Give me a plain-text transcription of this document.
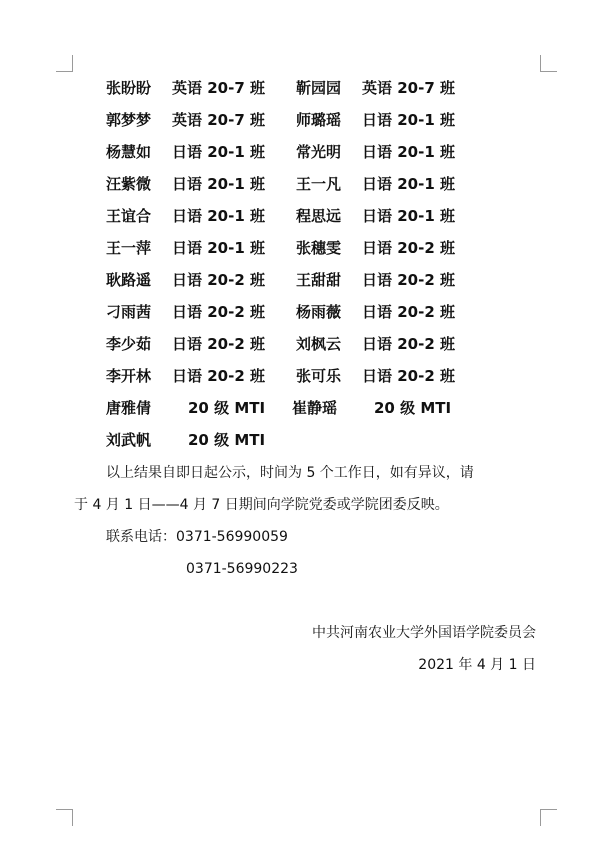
张盼盼 英语 20-7 班 靳园园 英语 20-7 班
郭梦梦 英语 20-7 班 师璐瑶 日语 20-1 班
杨慧如 日语 20-1 班 常光明 日语 20-1 班
汪紫微 日语 20-1 班 王一凡 日语 20-1 班
王谊合 日语 20-1 班 程思远 日语 20-1 班
王一萍 日语 20-1 班 张穗雯 日语 20-2 班
耿路遥 日语 20-2 班 王甜甜 日语 20-2 班
刁雨茜 日语 20-2 班 杨雨薇 日语 20-2 班
李少茹 日语 20-2 班 刘枫云 日语 20-2 班
李开林 日语 20-2 班 张可乐 日语 20-2 班
唐雅倩 20 级 MTI 崔静瑶 20 级 MTI
刘武帆 20 级 MTI
以上结果自即日起公示，时间为 5 个工作日，如有异议，请
于 4 月 1 日——4 月 7 日期间向学院党委或学院团委反映。
联系电话：0371-56990059
0371-56990223
中共河南农业大学外国语学院委员会
2021 年 4 月 1 日
